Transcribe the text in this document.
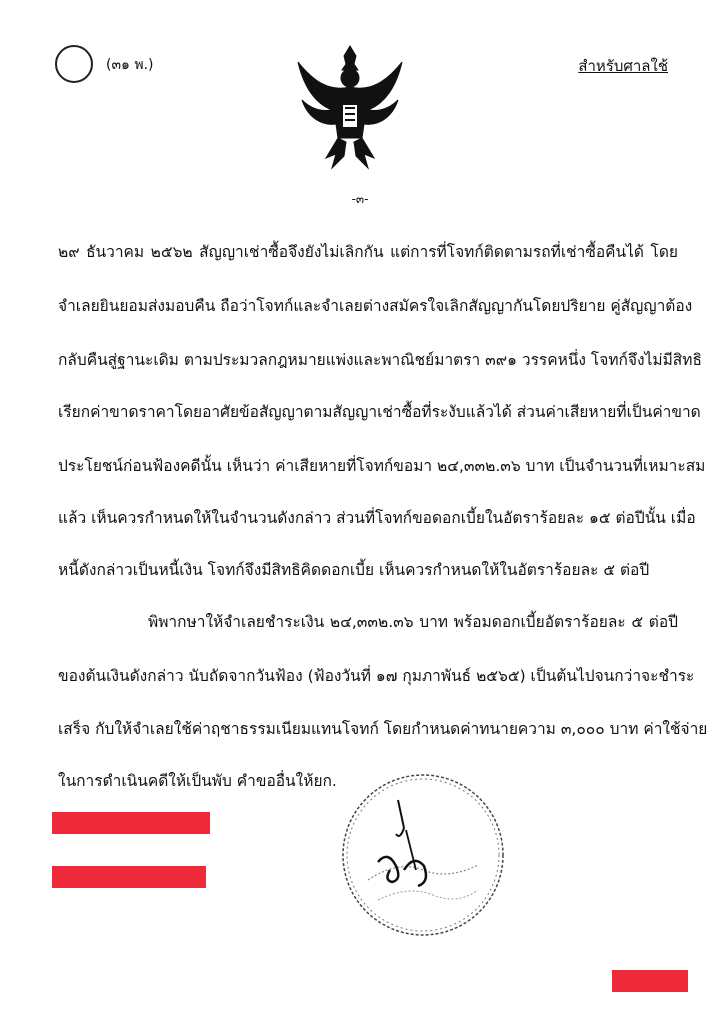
(๓๑ พ.)	สำหรับศาลใช้
-๓-
๒๙ ธันวาคม ๒๕๖๒ สัญญาเช่าซื้อจึงยังไม่เลิกกัน แต่การที่โจทก์ติดตามรถที่เช่าซื้อคืนได้ โดย
จำเลยยินยอมส่งมอบคืน ถือว่าโจทก์และจำเลยต่างสมัครใจเลิกสัญญากันโดยปริยาย คู่สัญญาต้อง
กลับคืนสู่ฐานะเดิม ตามประมวลกฎหมายแพ่งและพาณิชย์มาตรา ๓๙๑ วรรคหนึ่ง โจทก์จึงไม่มีสิทธิ
เรียกค่าขาดราคาโดยอาศัยข้อสัญญาตามสัญญาเช่าซื้อที่ระงับแล้วได้ ส่วนค่าเสียหายที่เป็นค่าขาด
ประโยชน์ก่อนฟ้องคดีนั้น เห็นว่า ค่าเสียหายที่โจทก์ขอมา ๒๔,๓๓๒.๓๖ บาท เป็นจำนวนที่เหมาะสม
แล้ว เห็นควรกำหนดให้ในจำนวนดังกล่าว ส่วนที่โจทก์ขอดอกเบี้ยในอัตราร้อยละ ๑๕ ต่อปีนั้น เมื่อ
หนี้ดังกล่าวเป็นหนี้เงิน โจทก์จึงมีสิทธิคิดดอกเบี้ย เห็นควรกำหนดให้ในอัตราร้อยละ ๕ ต่อปี
พิพากษาให้จำเลยชำระเงิน ๒๔,๓๓๒.๓๖ บาท พร้อมดอกเบี้ยอัตราร้อยละ ๕ ต่อปี
ของต้นเงินดังกล่าว นับถัดจากวันฟ้อง (ฟ้องวันที่ ๑๗ กุมภาพันธ์ ๒๕๖๕) เป็นต้นไปจนกว่าจะชำระ
เสร็จ กับให้จำเลยใช้ค่าฤชาธรรมเนียมแทนโจทก์ โดยกำหนดค่าทนายความ ๓,๐๐๐ บาท ค่าใช้จ่าย
ในการดำเนินคดีให้เป็นพับ คำขออื่นให้ยก.
